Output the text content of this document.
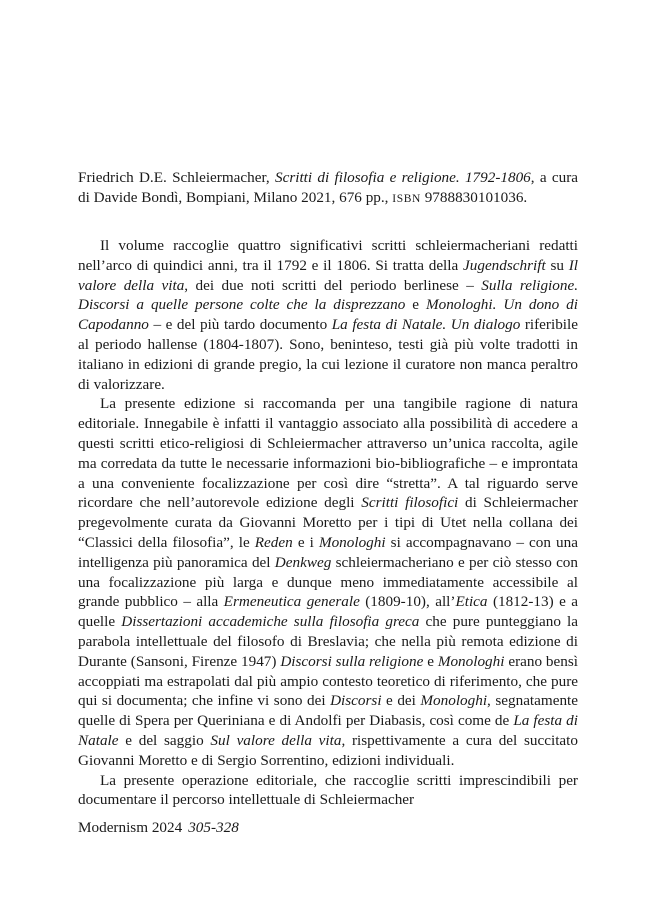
Friedrich D.E. Schleiermacher, Scritti di filosofia e religione. 1792-1806, a cura di Davide Bondì, Bompiani, Milano 2021, 676 pp., ISBN 9788830101036.

Il volume raccoglie quattro significativi scritti schleiermacheriani redatti nell’arco di quindici anni, tra il 1792 e il 1806. Si tratta della Jugendschrift su Il valore della vita, dei due noti scritti del periodo berlinese – Sulla religione. Discorsi a quelle persone colte che la disprezzano e Monologhi. Un dono di Capodanno – e del più tardo documento La festa di Natale. Un dialogo riferibile al periodo hallense (1804-1807). Sono, beninteso, testi già più volte tradotti in italiano in edizioni di grande pregio, la cui lezione il curatore non manca peraltro di valorizzare.

La presente edizione si raccomanda per una tangibile ragione di natura editoriale. Innegabile è infatti il vantaggio associato alla possibilità di accedere a questi scritti etico-religiosi di Schleiermacher attraverso un’unica raccolta, agile ma corredata da tutte le necessarie informazioni bio-bibliografiche – e improntata a una conveniente focalizzazione per così dire “stretta”. A tal riguardo serve ricordare che nell’autorevole edizione degli Scritti filosofici di Schleiermacher pregevolmente curata da Giovanni Moretto per i tipi di Utet nella collana dei “Classici della filosofia”, le Reden e i Monologhi si accompagnavano – con una intelligenza più panoramica del Denkweg schleiermacheriano e per ciò stesso con una focalizzazione più larga e dunque meno immediatamente accessibile al grande pubblico – alla Ermeneutica generale (1809-10), all’Etica (1812-13) e a quelle Dissertazioni accademiche sulla filosofia greca che pure punteggiano la parabola intellettuale del filosofo di Breslavia; che nella più remota edizione di Durante (Sansoni, Firenze 1947) Discorsi sulla religione e Monologhi erano bensì accoppiati ma estrapolati dal più ampio contesto teoretico di riferimento, che pure qui si documenta; che infine vi sono dei Discorsi e dei Monologhi, segnatamente quelle di Spera per Queriniana e di Andolfi per Diabasis, così come de La festa di Natale e del saggio Sul valore della vita, rispettivamente a cura del succitato Giovanni Moretto e di Sergio Sorrentino, edizioni individuali.

La presente operazione editoriale, che raccoglie scritti imprescindibili per documentare il percorso intellettuale di Schleiermacher

Modernism 2024 305-328
